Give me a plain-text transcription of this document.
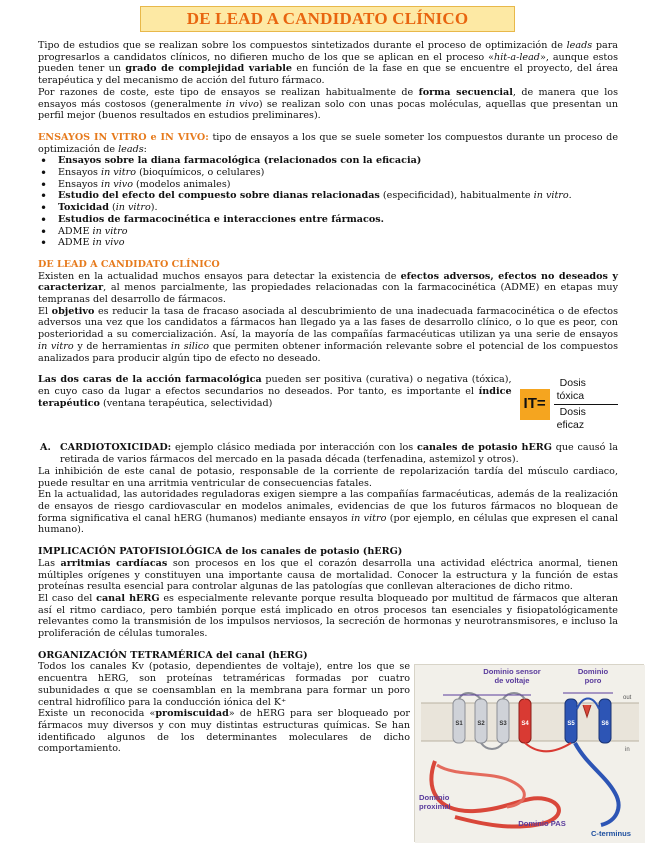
DE LEAD A CANDIDATO CLÍNICO

Tipo de estudios que se realizan sobre los compuestos sintetizados durante el proceso de optimización de leads para progresarlos a candidatos clínicos, no difieren mucho de los que se aplican en el proceso «hit-a-lead», aunque estos pueden tener un grado de complejidad variable en función de la fase en que se encuentre el proyecto, del área terapéutica y del mecanismo de acción del futuro fármaco.

Por razones de coste, este tipo de ensayos se realizan habitualmente de forma secuencial, de manera que los ensayos más costosos (generalmente in vivo) se realizan solo con unas pocas moléculas, aquellas que presentan un perfil mejor (buenos resultados en estudios preliminares).

ENSAYOS IN VITRO e IN VIVO: tipo de ensayos a los que se suele someter los compuestos durante un proceso de optimización de leads:

• Ensayos sobre la diana farmacológica (relacionados con la eficacia)
• Ensayos in vitro (bioquímicos, o celulares)
• Ensayos in vivo (modelos animales)
• Estudio del efecto del compuesto sobre dianas relacionadas (especificidad), habitualmente in vitro.
• Toxicidad (in vitro).
• Estudios de farmacocinética e interacciones entre fármacos.
• ADME in vitro
• ADME in vivo

DE LEAD A CANDIDATO CLÍNICO

Existen en la actualidad muchos ensayos para detectar la existencia de efectos adversos, efectos no deseados y caracterizar, al menos parcialmente, las propiedades relacionadas con la farmacocinética (ADME) en etapas muy tempranas del desarrollo de fármacos.

El objetivo es reducir la tasa de fracaso asociada al descubrimiento de una inadecuada farmacocinética o de efectos adversos una vez que los candidatos a fármacos han llegado ya a las fases de desarrollo clínico, o lo que es peor, con posterioridad a su comercialización. Así, la mayoría de las compañías farmacéuticas utilizan ya una serie de ensayos in vitro y de herramientas in silico que permiten obtener información relevante sobre el potencial de los compuestos analizados para producir algún tipo de efecto no deseado.

Las dos caras de la acción farmacológica pueden ser positiva (curativa) o negativa (tóxica), en cuyo caso da lugar a efectos secundarios no deseados. Por tanto, es importante el índice terapéutico (ventana terapéutica, selectividad)	$IT= \frac{\text{Dosis tóxica}}{\text{Dosis eficaz}}$

A. CARDIOTOXICIDAD: ejemplo clásico mediada por interacción con los canales de potasio hERG que causó la retirada de varios fármacos del mercado en la pasada década (terfenadina, astemizol y otros).

La inhibición de este canal de potasio, responsable de la corriente de repolarización tardía del músculo cardiaco, puede resultar en una arritmia ventricular de consecuencias fatales.

En la actualidad, las autoridades reguladoras exigen siempre a las compañías farmacéuticas, además de la realización de ensayos de riesgo cardiovascular en modelos animales, evidencias de que los futuros fármacos no bloquean de forma significativa el canal hERG (humanos) mediante ensayos in vitro (por ejemplo, en células que expresen el canal humano).

IMPLICACIÓN PATOFISIOLÓGICA de los canales de potasio (hERG)

Las arritmias cardíacas son procesos en los que el corazón desarrolla una actividad eléctrica anormal, tienen múltiples orígenes y constituyen una importante causa de mortalidad. Conocer la estructura y la función de estas proteínas resulta esencial para controlar algunas de las patologías que conllevan alteraciones de dicho ritmo.

El caso del canal hERG es especialmente relevante porque resulta bloqueado por multitud de fármacos que alteran así el ritmo cardiaco, pero también porque está implicado en otros procesos tan esenciales y fisiopatológicamente relevantes como la transmisión de los impulsos nerviosos, la secreción de hormonas y neurotransmisores, e incluso la proliferación de células tumorales.

ORGANIZACIÓN TETRAMÉRICA del canal (hERG)

Todos los canales Kv (potasio, dependientes de voltaje), entre los que se encuentra hERG, son proteínas tetraméricas formadas por cuatro subunidades α que se coensamblan en la membrana para formar un poro central hidrofílico para la conducción iónica del K⁺

Existe un reconocida «promiscuidad» de hERG para ser bloqueado por fármacos muy diversos y con muy distintas estructuras químicas. Se han identificado algunos de los determinantes moleculares de dicho comportamiento.

S1 S2 S3 S4	S5	S6
out
in
Dominio sensor
de voltaje
Dominio
poro
Dominio
proximal
Dominio PAS
C-terminus
